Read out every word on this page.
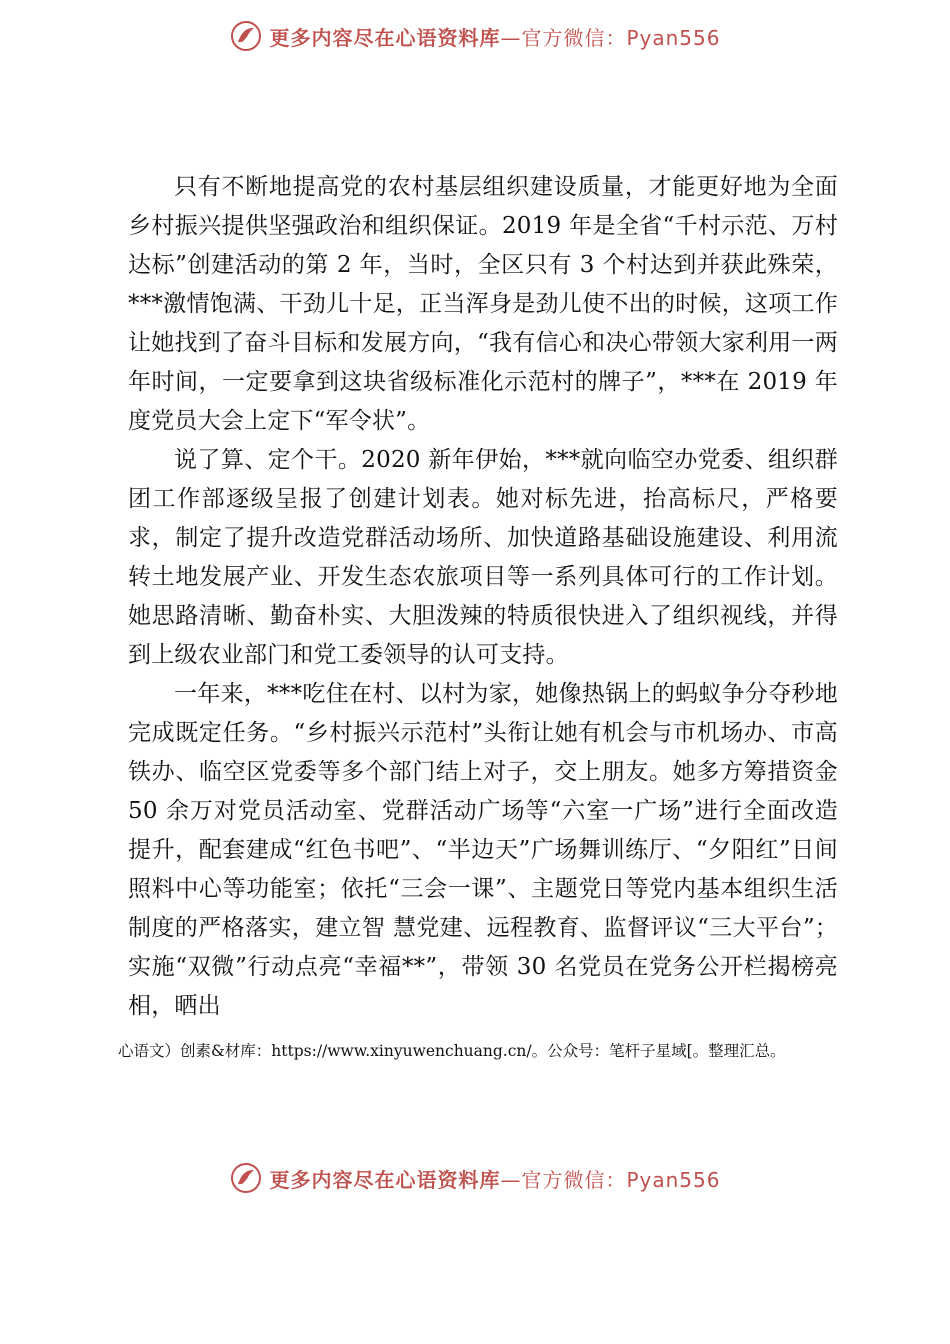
更多内容尽在心语资料库 —官方微信：Pyan556

只有不断地提高党的农村基层组织建设质量，才能更好地为全面乡村振兴提供坚强政治和组织保证。2019 年是全省“千村示范、万村达标”创建活动的第 2 年，当时，全区只有 3 个村达到并获此殊荣，***激情饱满、干劲儿十足，正当浑身是劲儿使不出的时候，这项工作让她找到了奋斗目标和发展方向，“我有信心和决心带领大家利用一两年时间，一定要拿到这块省级标准化示范村的牌子”，***在 2019 年度党员大会上定下“军令状”。

说了算、定个干。2020 新年伊始，***就向临空办党委、组织群团工作部逐级呈报了创建计划表。她对标先进，抬高标尺，严格要求，制定了提升改造党群活动场所、加快道路基础设施建设、利用流转土地发展产业、开发生态农旅项目等一系列具体可行的工作计划。她思路清晰、勤奋朴实、大胆泼辣的特质很快进入了组织视线，并得到上级农业部门和党工委领导的认可支持。

一年来，***吃住在村、以村为家，她像热锅上的蚂蚁争分夺秒地完成既定任务。“乡村振兴示范村”头衔让她有机会与市机场办、市高铁办、临空区党委等多个部门结上对子，交上朋友。她多方筹措资金 50 余万对党员活动室、党群活动广场等“六室一广场”进行全面改造提升，配套建成“红色书吧”、“半边天”广场舞训练厅、“夕阳红”日间照料中心等功能室；依托“三会一课”、主题党日等党内基本组织生活制度的严格落实，建立智 慧党建、远程教育、监督评议“三大平台”；实施“双微”行动点亮“幸福**”，带领 30 名党员在党务公开栏揭榜亮相，晒出

心语文）创素&材库：https://www.xinyuwenchuang.cn/。公众号：笔杆子星域[。整理汇总。
更多内容尽在心语资料库 —官方微信：Pyan556
